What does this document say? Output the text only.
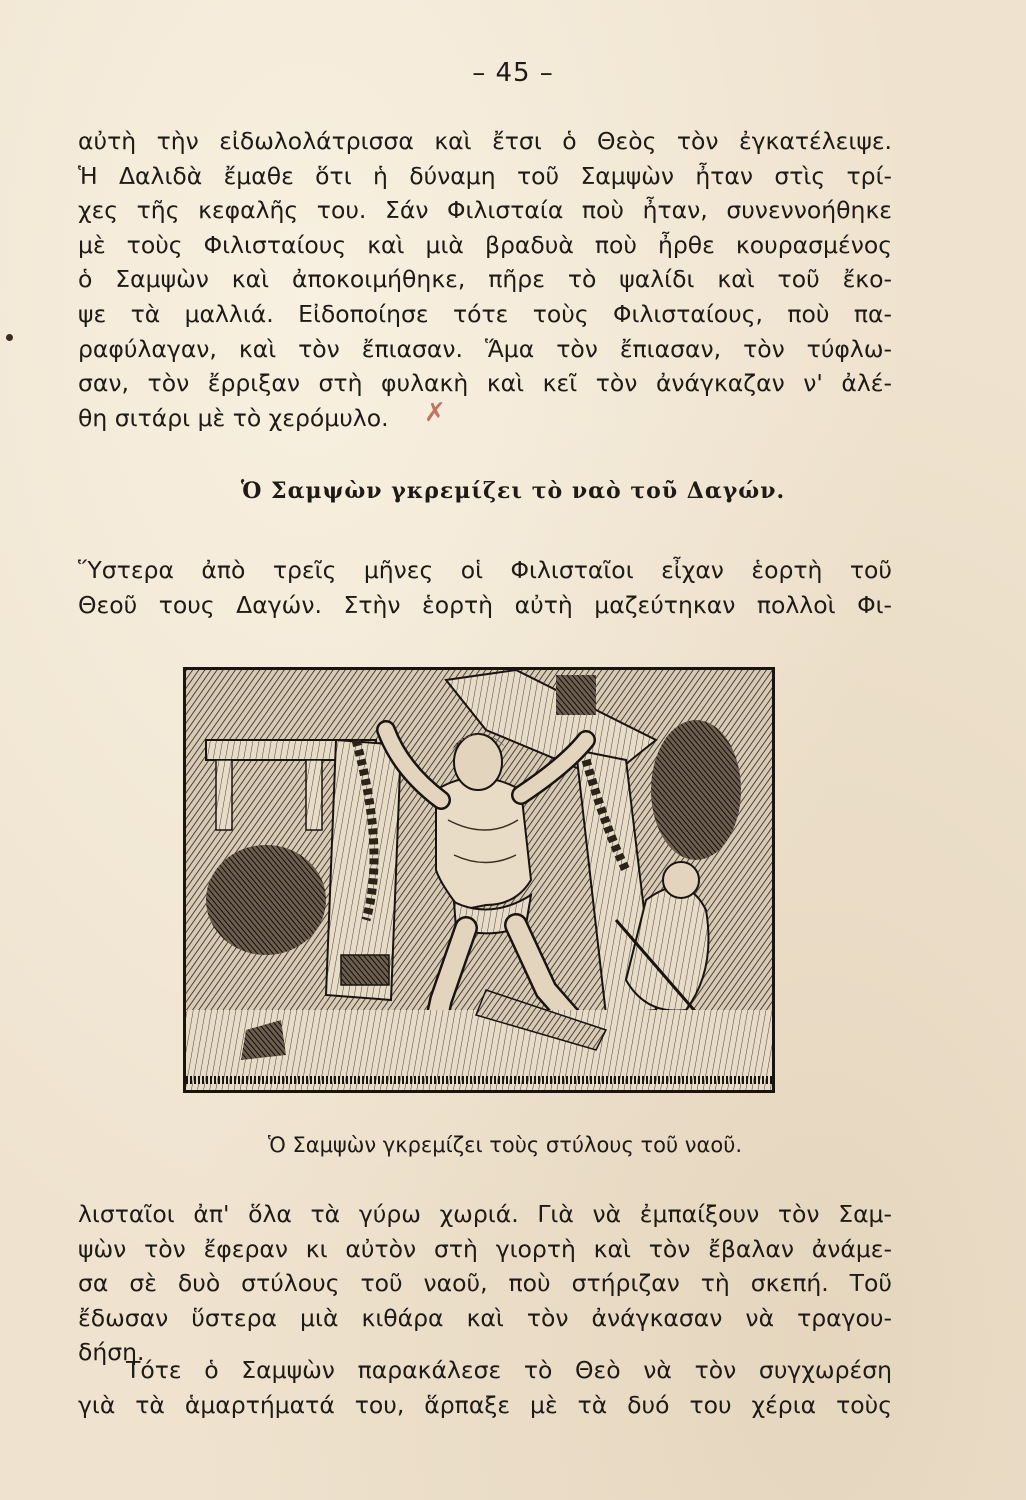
– 45 –
αὐτὴ τὴν εἰδωλολάτρισσα καὶ ἔτσι ὁ Θεὸς τὸν ἐγκατέλειψε.
Ἡ Δαλιδὰ ἔμαθε ὅτι ἡ δύναμη τοῦ Σαμψὼν ἦταν στὶς τρί-
χες τῆς κεφαλῆς του. Σάν Φιλισταία ποὺ ἦταν, συνεννοήθηκε
μὲ τοὺς Φιλισταίους καὶ μιὰ βραδυὰ ποὺ ἦρθε κουρασμένος
ὁ Σαμψὼν καὶ ἀποκοιμήθηκε, πῆρε τὸ ψαλίδι καὶ τοῦ ἔκο-
ψε τὰ μαλλιά. Εἰδοποίησε τότε τοὺς Φιλισταίους, ποὺ πα-
ραφύλαγαν, καὶ τὸν ἔπιασαν. Ἅμα τὸν ἔπιασαν, τὸν τύφλω-
σαν, τὸν ἔρριξαν στὴ φυλακὴ καὶ κεῖ τὸν ἀνάγκαζαν ν' ἀλέ-
θη σιτάρι μὲ τὸ χερόμυλο.	✗
Ὁ Σαμψὼν γκρεμίζει τὸ ναὸ τοῦ Δαγών.
Ὕστερα ἀπὸ τρεῖς μῆνες οἱ Φιλισταῖοι εἶχαν ἑορτὴ τοῦ
Θεοῦ τους Δαγών. Στὴν ἑορτὴ αὐτὴ μαζεύτηκαν πολλοὶ Φι-
Ὁ Σαμψὼν γκρεμίζει τοὺς στύλους τοῦ ναοῦ.
λισταῖοι ἀπ' ὅλα τὰ γύρω χωριά. Γιὰ νὰ ἐμπαίξουν τὸν Σαμ-
ψὼν τὸν ἔφεραν κι αὐτὸν στὴ γιορτὴ καὶ τὸν ἔβαλαν ἀνάμε-
σα σὲ δυὸ στύλους τοῦ ναοῦ, ποὺ στήριζαν τὴ σκεπή. Τοῦ
ἔδωσαν ὕστερα μιὰ κιθάρα καὶ τὸν ἀνάγκασαν νὰ τραγου-
δήση.
Τότε ὁ Σαμψὼν παρακάλεσε τὸ Θεὸ νὰ τὸν συγχωρέση
γιὰ τὰ ἁμαρτήματά του, ἅρπαξε μὲ τὰ δυό του χέρια τοὺς
